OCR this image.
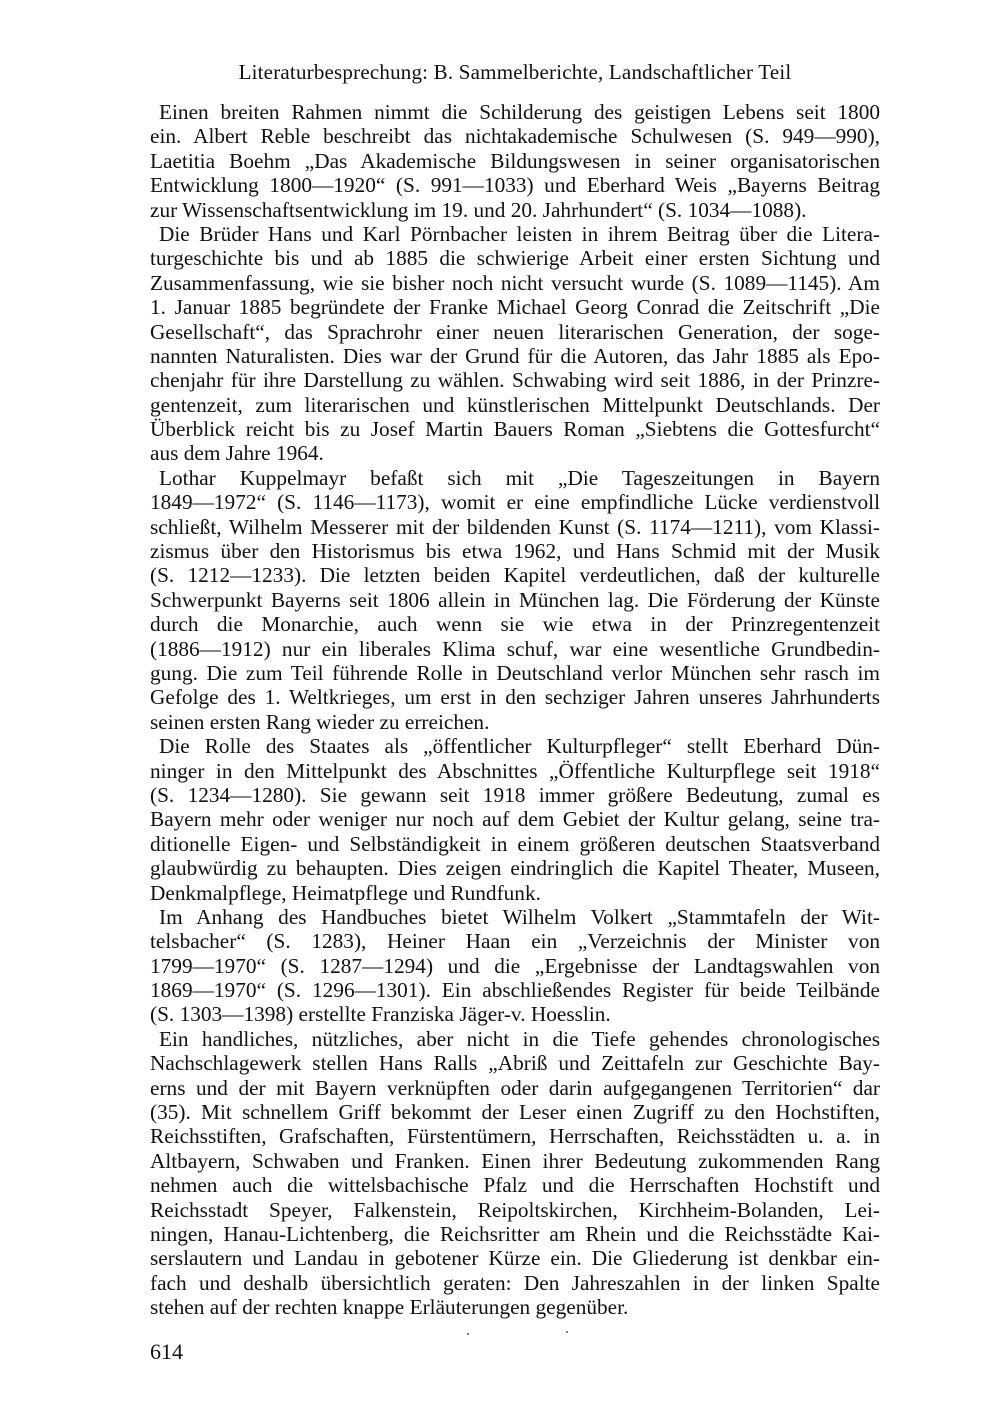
Literaturbesprechung: B. Sammelberichte, Landschaftlicher Teil
Einen breiten Rahmen nimmt die Schilderung des geistigen Lebens seit 1800
ein. Albert Reble beschreibt das nichtakademische Schulwesen (S. 949—990),
Laetitia Boehm „Das Akademische Bildungswesen in seiner organisatorischen
Entwicklung 1800—1920“ (S. 991—1033) und Eberhard Weis „Bayerns Beitrag
zur Wissenschaftsentwicklung im 19. und 20. Jahrhundert“ (S. 1034—1088).
Die Brüder Hans und Karl Pörnbacher leisten in ihrem Beitrag über die Litera-
turgeschichte bis und ab 1885 die schwierige Arbeit einer ersten Sichtung und
Zusammenfassung, wie sie bisher noch nicht versucht wurde (S. 1089—1145). Am
1. Januar 1885 begründete der Franke Michael Georg Conrad die Zeitschrift „Die
Gesellschaft“, das Sprachrohr einer neuen literarischen Generation, der soge-
nannten Naturalisten. Dies war der Grund für die Autoren, das Jahr 1885 als Epo-
chenjahr für ihre Darstellung zu wählen. Schwabing wird seit 1886, in der Prinzre-
gentenzeit, zum literarischen und künstlerischen Mittelpunkt Deutschlands. Der
Überblick reicht bis zu Josef Martin Bauers Roman „Siebtens die Gottesfurcht“
aus dem Jahre 1964.
Lothar Kuppelmayr befaßt sich mit „Die Tageszeitungen in Bayern
1849—1972“ (S. 1146—1173), womit er eine empfindliche Lücke verdienstvoll
schließt, Wilhelm Messerer mit der bildenden Kunst (S. 1174—1211), vom Klassi-
zismus über den Historismus bis etwa 1962, und Hans Schmid mit der Musik
(S. 1212—1233). Die letzten beiden Kapitel verdeutlichen, daß der kulturelle
Schwerpunkt Bayerns seit 1806 allein in München lag. Die Förderung der Künste
durch die Monarchie, auch wenn sie wie etwa in der Prinzregentenzeit
(1886—1912) nur ein liberales Klima schuf, war eine wesentliche Grundbedin-
gung. Die zum Teil führende Rolle in Deutschland verlor München sehr rasch im
Gefolge des 1. Weltkrieges, um erst in den sechziger Jahren unseres Jahrhunderts
seinen ersten Rang wieder zu erreichen.
Die Rolle des Staates als „öffentlicher Kulturpfleger“ stellt Eberhard Dün-
ninger in den Mittelpunkt des Abschnittes „Öffentliche Kulturpflege seit 1918“
(S. 1234—1280). Sie gewann seit 1918 immer größere Bedeutung, zumal es
Bayern mehr oder weniger nur noch auf dem Gebiet der Kultur gelang, seine tra-
ditionelle Eigen- und Selbständigkeit in einem größeren deutschen Staatsverband
glaubwürdig zu behaupten. Dies zeigen eindringlich die Kapitel Theater, Museen,
Denkmalpflege, Heimatpflege und Rundfunk.
Im Anhang des Handbuches bietet Wilhelm Volkert „Stammtafeln der Wit-
telsbacher“ (S. 1283), Heiner Haan ein „Verzeichnis der Minister von
1799—1970“ (S. 1287—1294) und die „Ergebnisse der Landtagswahlen von
1869—1970“ (S. 1296—1301). Ein abschließendes Register für beide Teilbände
(S. 1303—1398) erstellte Franziska Jäger-v. Hoesslin.
Ein handliches, nützliches, aber nicht in die Tiefe gehendes chronologisches
Nachschlagewerk stellen Hans Ralls „Abriß und Zeittafeln zur Geschichte Bay-
erns und der mit Bayern verknüpften oder darin aufgegangenen Territorien“ dar
(35). Mit schnellem Griff bekommt der Leser einen Zugriff zu den Hochstiften,
Reichsstiften, Grafschaften, Fürstentümern, Herrschaften, Reichsstädten u. a. in
Altbayern, Schwaben und Franken. Einen ihrer Bedeutung zukommenden Rang
nehmen auch die wittelsbachische Pfalz und die Herrschaften Hochstift und
Reichsstadt Speyer, Falkenstein, Reipoltskirchen, Kirchheim-Bolanden, Lei-
ningen, Hanau-Lichtenberg, die Reichsritter am Rhein und die Reichsstädte Kai-
serslautern und Landau in gebotener Kürze ein. Die Gliederung ist denkbar ein-
fach und deshalb übersichtlich geraten: Den Jahreszahlen in der linken Spalte
stehen auf der rechten knappe Erläuterungen gegenüber.
614
